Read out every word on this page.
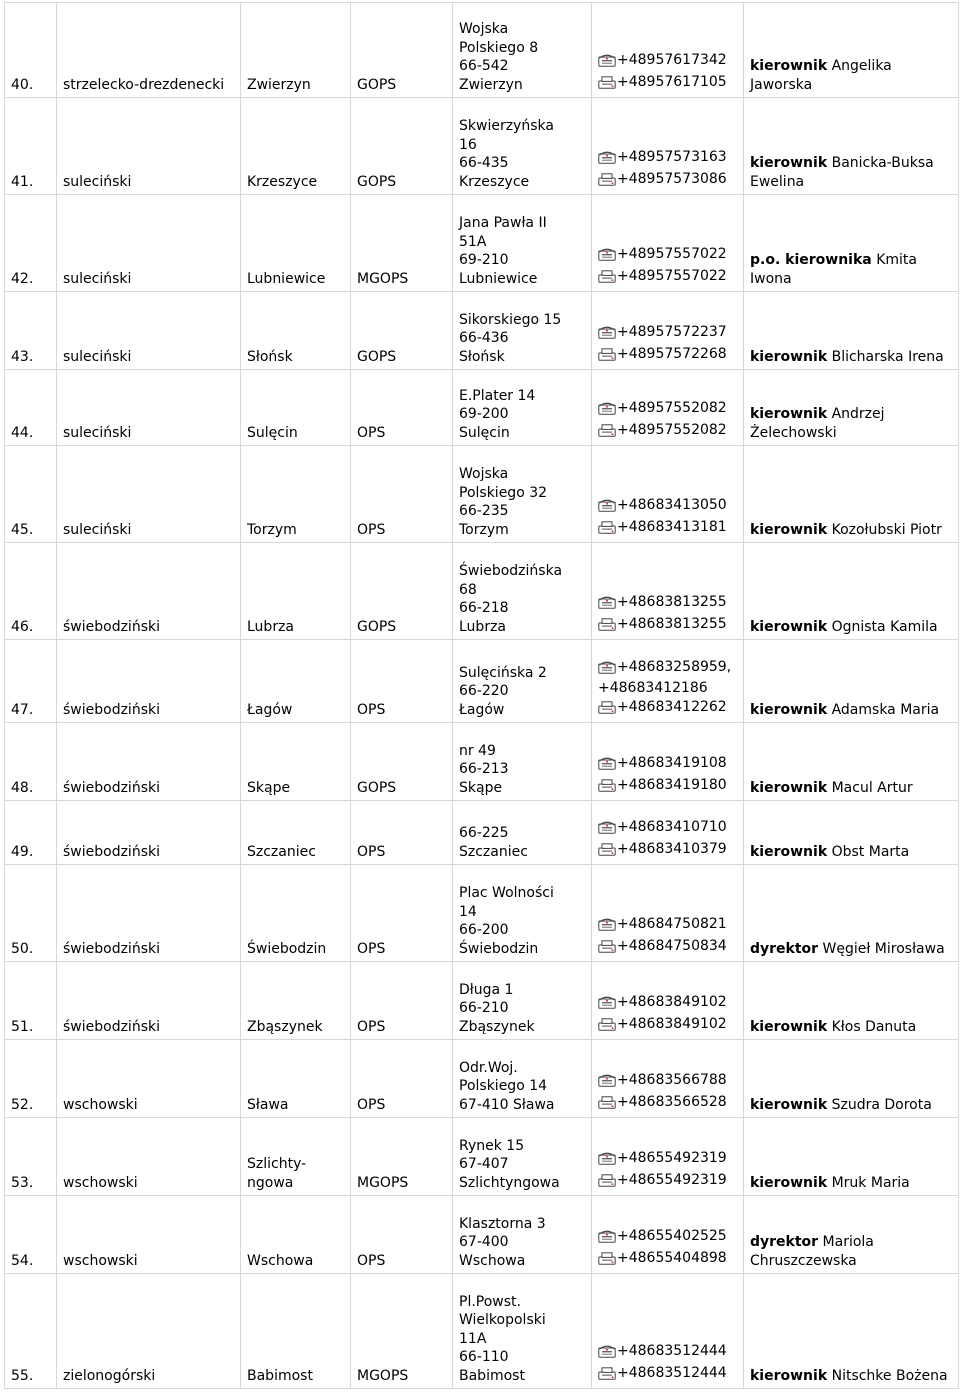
40.	strzelecko-drezdenecki	Zwierzyn	GOPS	Wojska
Polskiego 8
66-542
Zwierzyn	+48957617342
+48957617105	kierownik Angelika Jaworska
41.	suleciński	Krzeszyce	GOPS	Skwierzyńska
16
66-435
Krzeszyce	+48957573163
+48957573086	kierownik Banicka-Buksa Ewelina
42.	suleciński	Lubniewice	MGOPS	Jana Pawła II
51A
69-210
Lubniewice	+48957557022
+48957557022	p.o. kierownika Kmita Iwona
43.	suleciński	Słońsk	GOPS	Sikorskiego 15
66-436
Słońsk	+48957572237
+48957572268	kierownik Blicharska Irena
44.	suleciński	Sulęcin	OPS	E.Plater 14
69-200
Sulęcin	+48957552082
+48957552082	kierownik Andrzej Żelechowski
45.	suleciński	Torzym	OPS	Wojska
Polskiego 32
66-235
Torzym	+48683413050
+48683413181	kierownik Kozołubski Piotr
46.	świebodziński	Lubrza	GOPS	Świebodzińska
68
66-218
Lubrza	+48683813255
+48683813255	kierownik Ognista Kamila
47.	świebodziński	Łagów	OPS	Sulęcińska 2
66-220
Łagów	+48683258959,
+48683412186
+48683412262	kierownik Adamska Maria
48.	świebodziński	Skąpe	GOPS	nr 49
66-213
Skąpe	+48683419108
+48683419180	kierownik Macul Artur
49.	świebodziński	Szczaniec	OPS	66-225
Szczaniec	+48683410710
+48683410379	kierownik Obst Marta
50.	świebodziński	Świebodzin	OPS	Plac Wolności
14
66-200
Świebodzin	+48684750821
+48684750834	dyrektor Węgieł Mirosława
51.	świebodziński	Zbąszynek	OPS	Długa 1
66-210
Zbąszynek	+48683849102
+48683849102	kierownik Kłos Danuta
52.	wschowski	Sława	OPS	Odr.Woj.
Polskiego 14
67-410 Sława	+48683566788
+48683566528	kierownik Szudra Dorota
53.	wschowski	Szlichty-
ngowa	MGOPS	Rynek 15
67-407
Szlichtyngowa	+48655492319
+48655492319	kierownik Mruk Maria
54.	wschowski	Wschowa	OPS	Klasztorna 3
67-400
Wschowa	+48655402525
+48655404898	dyrektor Mariola Chruszczewska
55.	zielonogórski	Babimost	MGOPS	Pl.Powst.
Wielkopolski
11A
66-110
Babimost	+48683512444
+48683512444	kierownik Nitschke Bożena
